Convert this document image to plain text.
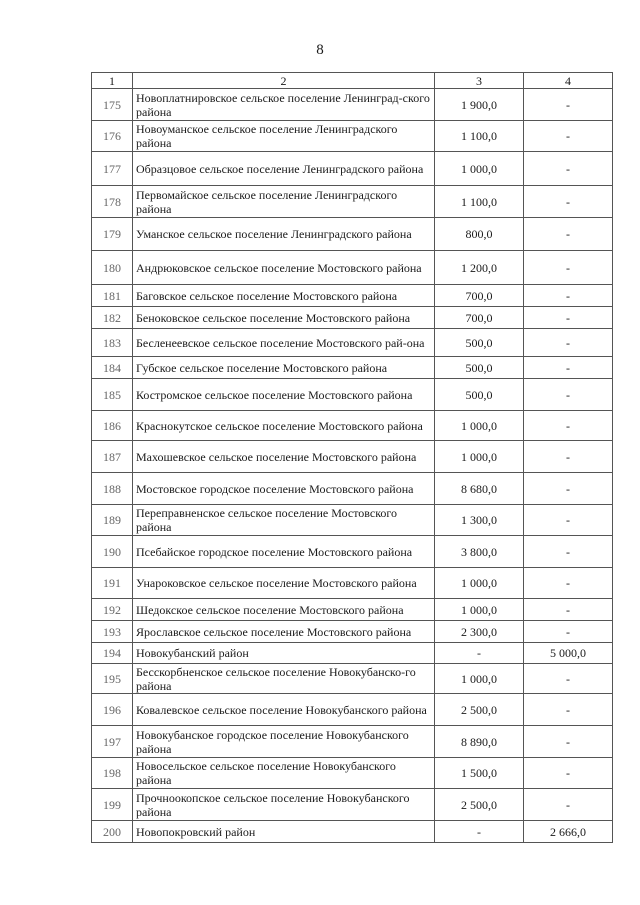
8
1	2	3	4
175	Новоплатнировское сельское поселение Ленинград-ского района	1 900,0	-
176	Новоуманское сельское поселение Ленинградского района	1 100,0	-
177	Образцовое сельское поселение Ленинградского района	1 000,0	-
178	Первомайское сельское поселение Ленинградского района	1 100,0	-
179	Уманское сельское поселение Ленинградского района	800,0	-
180	Андрюковское сельское поселение Мостовского района	1 200,0	-
181	Баговское сельское поселение Мостовского района	700,0	-
182	Беноковское сельское поселение Мостовского района	700,0	-
183	Бесленеевское сельское поселение Мостовского рай-она	500,0	-
184	Губское сельское поселение Мостовского района	500,0	-
185	Костромское сельское поселение Мостовского района	500,0	-
186	Краснокутское сельское поселение Мостовского района	1 000,0	-
187	Махошевское сельское поселение Мостовского района	1 000,0	-
188	Мостовское городское поселение Мостовского района	8 680,0	-
189	Переправненское сельское поселение Мостовского района	1 300,0	-
190	Псебайское городское поселение Мостовского района	3 800,0	-
191	Унароковское сельское поселение Мостовского района	1 000,0	-
192	Шедокское сельское поселение Мостовского района	1 000,0	-
193	Ярославское сельское поселение Мостовского района	2 300,0	-
194	Новокубанский район	-	5 000,0
195	Бесскорбненское сельское поселение Новокубанско-го района	1 000,0	-
196	Ковалевское сельское поселение Новокубанского района	2 500,0	-
197	Новокубанское городское поселение Новокубанского района	8 890,0	-
198	Новосельское сельское поселение Новокубанского района	1 500,0	-
199	Прочноокопское сельское поселение Новокубанского района	2 500,0	-
200	Новопокровский район	-	2 666,0
